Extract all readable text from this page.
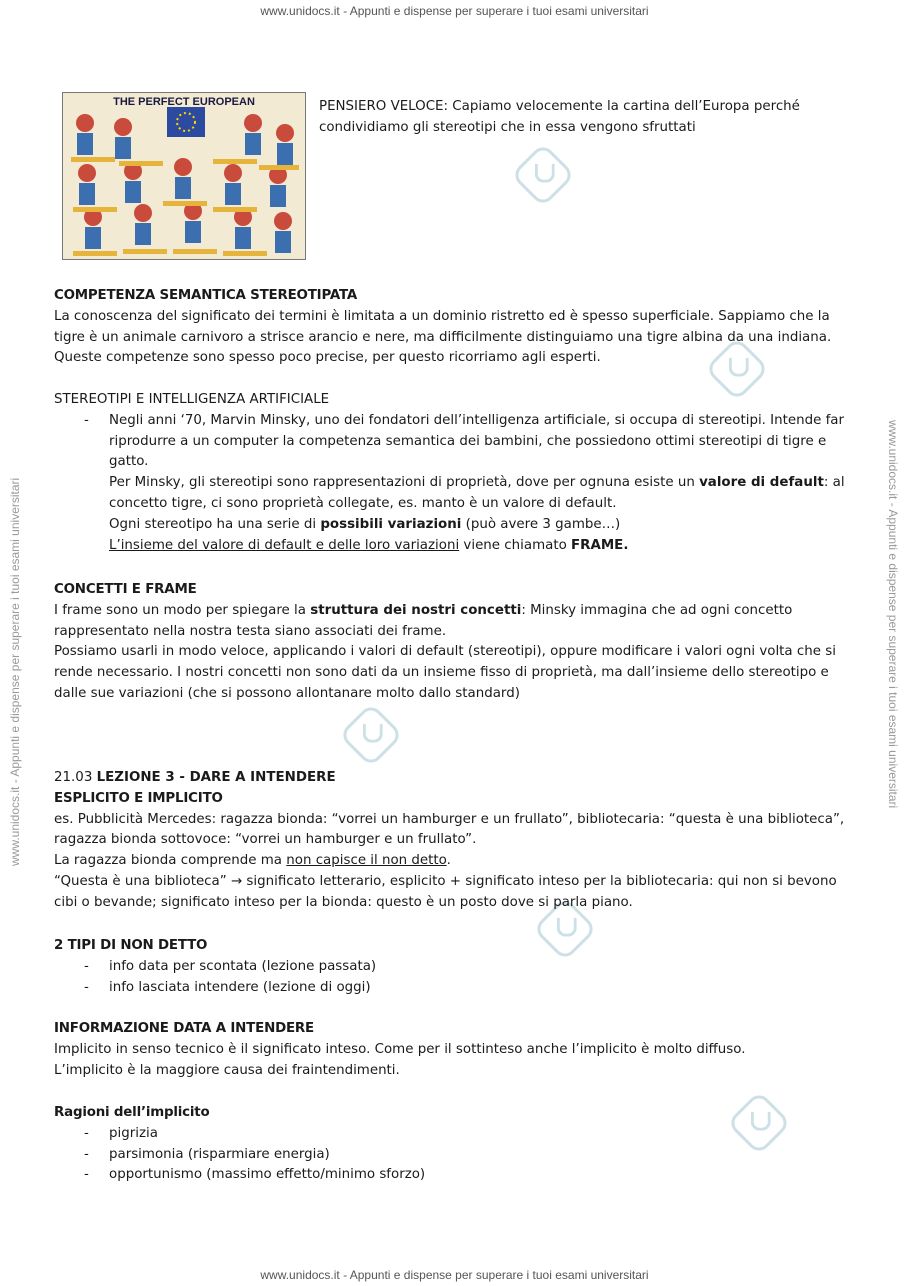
www.unidocs.it - Appunti e dispense per superare i tuoi esami universitari
www.unidocs.it - Appunti e dispense per superare i tuoi esami universitari
www.unidocs.it - Appunti e dispense per superare i tuoi esami universitari	www.unidocs.it - Appunti e dispense per superare i tuoi esami universitari
THE PERFECT EUROPEAN	PENSIERO VELOCE: Capiamo velocemente la cartina dell’Europa perché condividiamo gli stereotipi che in essa vengono sfruttati

COMPETENZA SEMANTICA STEREOTIPATA

La conoscenza del significato dei termini è limitata a un dominio ristretto ed è spesso superficiale. Sappiamo che la tigre è un animale carnivoro a strisce arancio e nere, ma difficilmente distinguiamo una tigre albina da una indiana. Queste competenze sono spesso poco precise, per questo ricorriamo agli esperti.

STEREOTIPI E INTELLIGENZA ARTIFICIALE

- Negli anni ‘70, Marvin Minsky, uno dei fondatori dell’intelligenza artificiale, si occupa di stereotipi. Intende far riprodurre a un computer la competenza semantica dei bambini, che possiedono ottimi stereotipi di tigre e gatto.

Per Minsky, gli stereotipi sono rappresentazioni di proprietà, dove per ognuna esiste un valore di default: al concetto tigre, ci sono proprietà collegate, es. manto è un valore di default.

Ogni stereotipo ha una serie di possibili variazioni (può avere 3 gambe…)

L’insieme del valore di default e delle loro variazioni viene chiamato FRAME.

CONCETTI E FRAME

I frame sono un modo per spiegare la struttura dei nostri concetti: Minsky immagina che ad ogni concetto rappresentato nella nostra testa siano associati dei frame.

Possiamo usarli in modo veloce, applicando i valori di default (stereotipi), oppure modificare i valori ogni volta che si rende necessario. I nostri concetti non sono dati da un insieme fisso di proprietà, ma dall’insieme dello stereotipo e dalle sue variazioni (che si possono allontanare molto dallo standard)

21.03 LEZIONE 3 - DARE A INTENDERE

ESPLICITO E IMPLICITO

es. Pubblicità Mercedes: ragazza bionda: “vorrei un hamburger e un frullato”, bibliotecaria: “questa è una biblioteca”, ragazza bionda sottovoce: “vorrei un hamburger e un frullato”.

La ragazza bionda comprende ma non capisce il non detto.

“Questa è una biblioteca” → significato letterario, esplicito + significato inteso per la bibliotecaria: qui non si bevono cibi o bevande; significato inteso per la bionda: questo è un posto dove si parla piano.

2 TIPI DI NON DETTO

- info data per scontata (lezione passata)
- info lasciata intendere (lezione di oggi)

INFORMAZIONE DATA A INTENDERE

Implicito in senso tecnico è il significato inteso. Come per il sottinteso anche l’implicito è molto diffuso.

L’implicito è la maggiore causa dei fraintendimenti.

Ragioni dell’implicito

- pigrizia
- parsimonia (risparmiare energia)
- opportunismo (massimo effetto/minimo sforzo)
